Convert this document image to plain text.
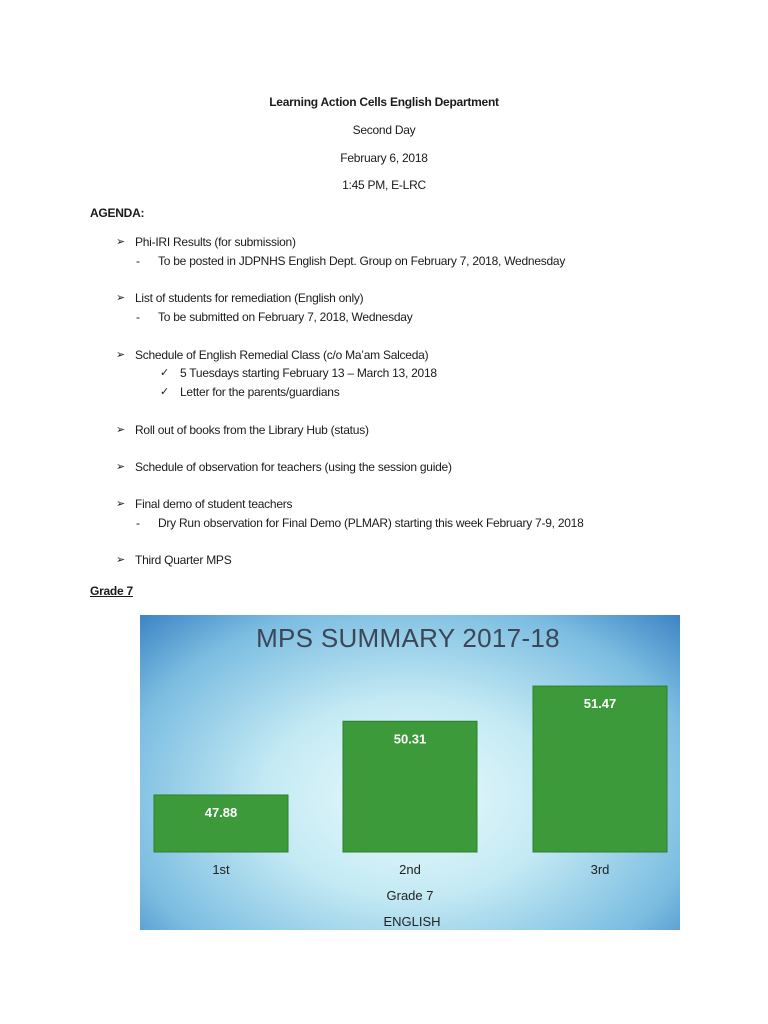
Learning Action Cells English Department
Second Day
February 6, 2018
1:45 PM, E-LRC
AGENDA:
➢ Phi-IRI Results (for submission)
- To be posted in JDPNHS English Dept. Group on February 7, 2018, Wednesday
➢ List of students for remediation (English only)
- To be submitted on February 7, 2018, Wednesday
➢ Schedule of English Remedial Class (c/o Ma’am Salceda)
✓ 5 Tuesdays starting February 13 – March 13, 2018
✓ Letter for the parents/guardians
➢ Roll out of books from the Library Hub (status)
➢ Schedule of observation for teachers (using the session guide)
➢ Final demo of student teachers
- Dry Run observation for Final Demo (PLMAR) starting this week February 7-9, 2018
➢ Third Quarter MPS
Grade 7
MPS SUMMARY 2017-18
47.88
1st
50.31
2nd
51.47
3rd
Grade 7
ENGLISH
